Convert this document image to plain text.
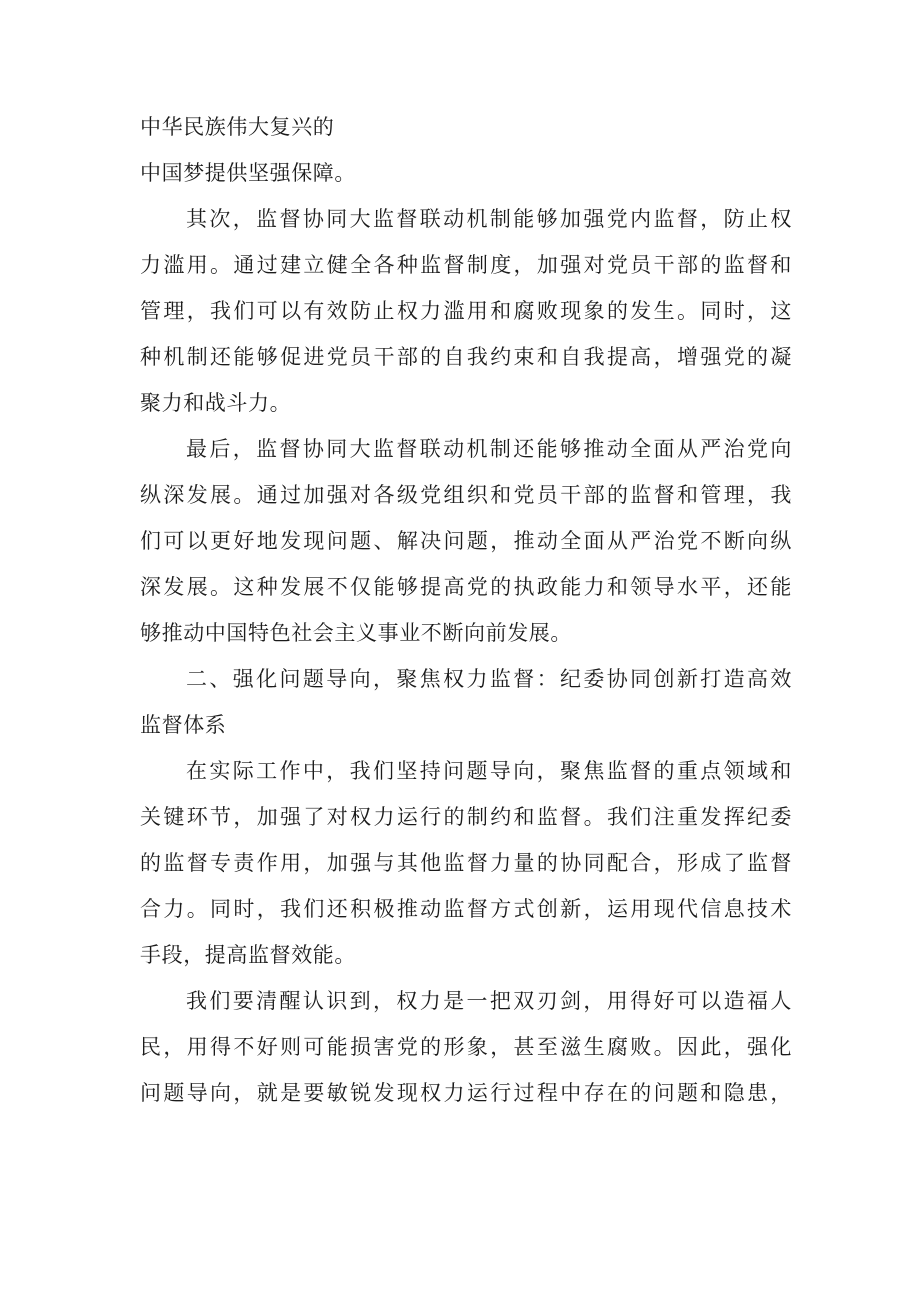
中华民族伟大复兴的
中国梦提供坚强保障。
其次，监督协同大监督联动机制能够加强党内监督，防止权
力滥用。通过建立健全各种监督制度，加强对党员干部的监督和
管理，我们可以有效防止权力滥用和腐败现象的发生。同时，这
种机制还能够促进党员干部的自我约束和自我提高，增强党的凝
聚力和战斗力。
最后，监督协同大监督联动机制还能够推动全面从严治党向
纵深发展。通过加强对各级党组织和党员干部的监督和管理，我
们可以更好地发现问题、解决问题，推动全面从严治党不断向纵
深发展。这种发展不仅能够提高党的执政能力和领导水平，还能
够推动中国特色社会主义事业不断向前发展。
二、强化问题导向，聚焦权力监督：纪委协同创新打造高效
监督体系
在实际工作中，我们坚持问题导向，聚焦监督的重点领域和
关键环节，加强了对权力运行的制约和监督。我们注重发挥纪委
的监督专责作用，加强与其他监督力量的协同配合，形成了监督
合力。同时，我们还积极推动监督方式创新，运用现代信息技术
手段，提高监督效能。
我们要清醒认识到，权力是一把双刃剑，用得好可以造福人
民，用得不好则可能损害党的形象，甚至滋生腐败。因此，强化
问题导向，就是要敏锐发现权力运行过程中存在的问题和隐患，
